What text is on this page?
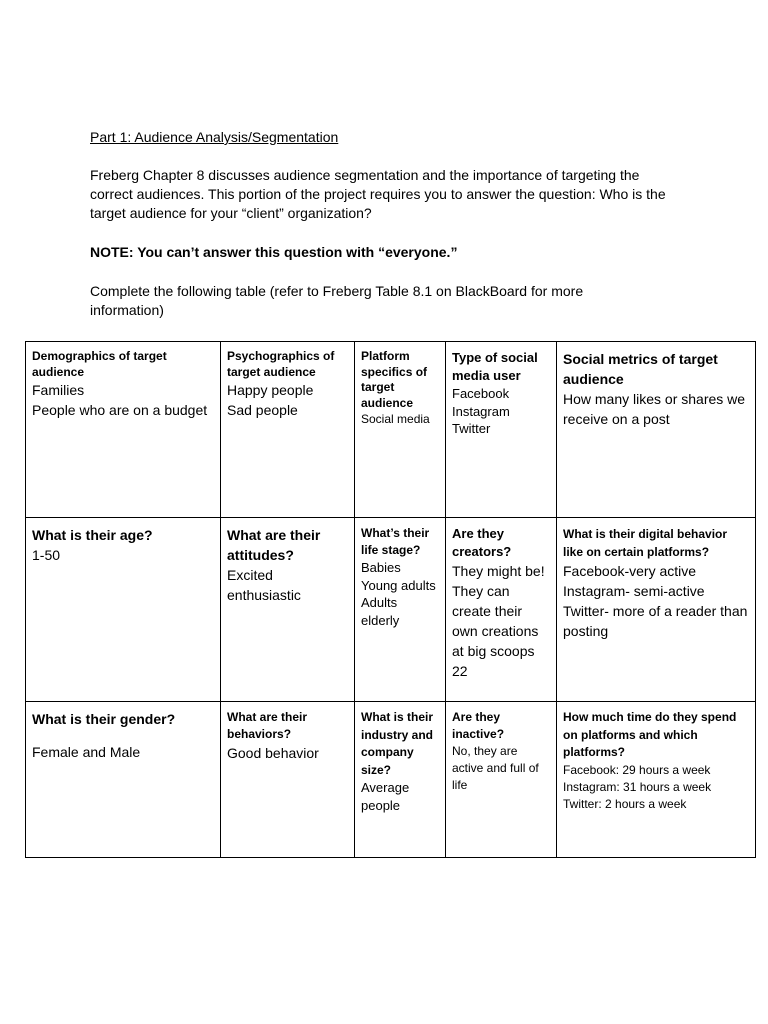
Part 1: Audience Analysis/Segmentation
Freberg Chapter 8 discusses audience segmentation and the importance of targeting the correct audiences. This portion of the project requires you to answer the question: Who is the target audience for your “client” organization?
NOTE: You can’t answer this question with “everyone.”
Complete the following table (refer to Freberg Table 8.1 on BlackBoard for more information)
Demographics of target audience
Families
People who are on a budget	Psychographics of target audience
Happy people
Sad people	Platform specifics of target audience
Social media	Type of social media user
Facebook
Instagram
Twitter	Social metrics of target audience
How many likes or shares we receive on a post

What is their age?
1-50	What are their attitudes?
Excited
enthusiastic	What’s their life stage?
Babies
Young adults
Adults
elderly	Are they creators?
They might be! They can create their own creations at big scoops 22	What is their digital behavior like on certain platforms?
Facebook-very active
Instagram- semi-active
Twitter- more of a reader than posting

What is their gender?
Female and Male	What are their behaviors?
Good behavior	What is their industry and company size?
Average people	Are they inactive?
No, they are active and full of life	How much time do they spend on platforms and which platforms?
Facebook: 29 hours a week
Instagram: 31 hours a week
Twitter: 2 hours a week
